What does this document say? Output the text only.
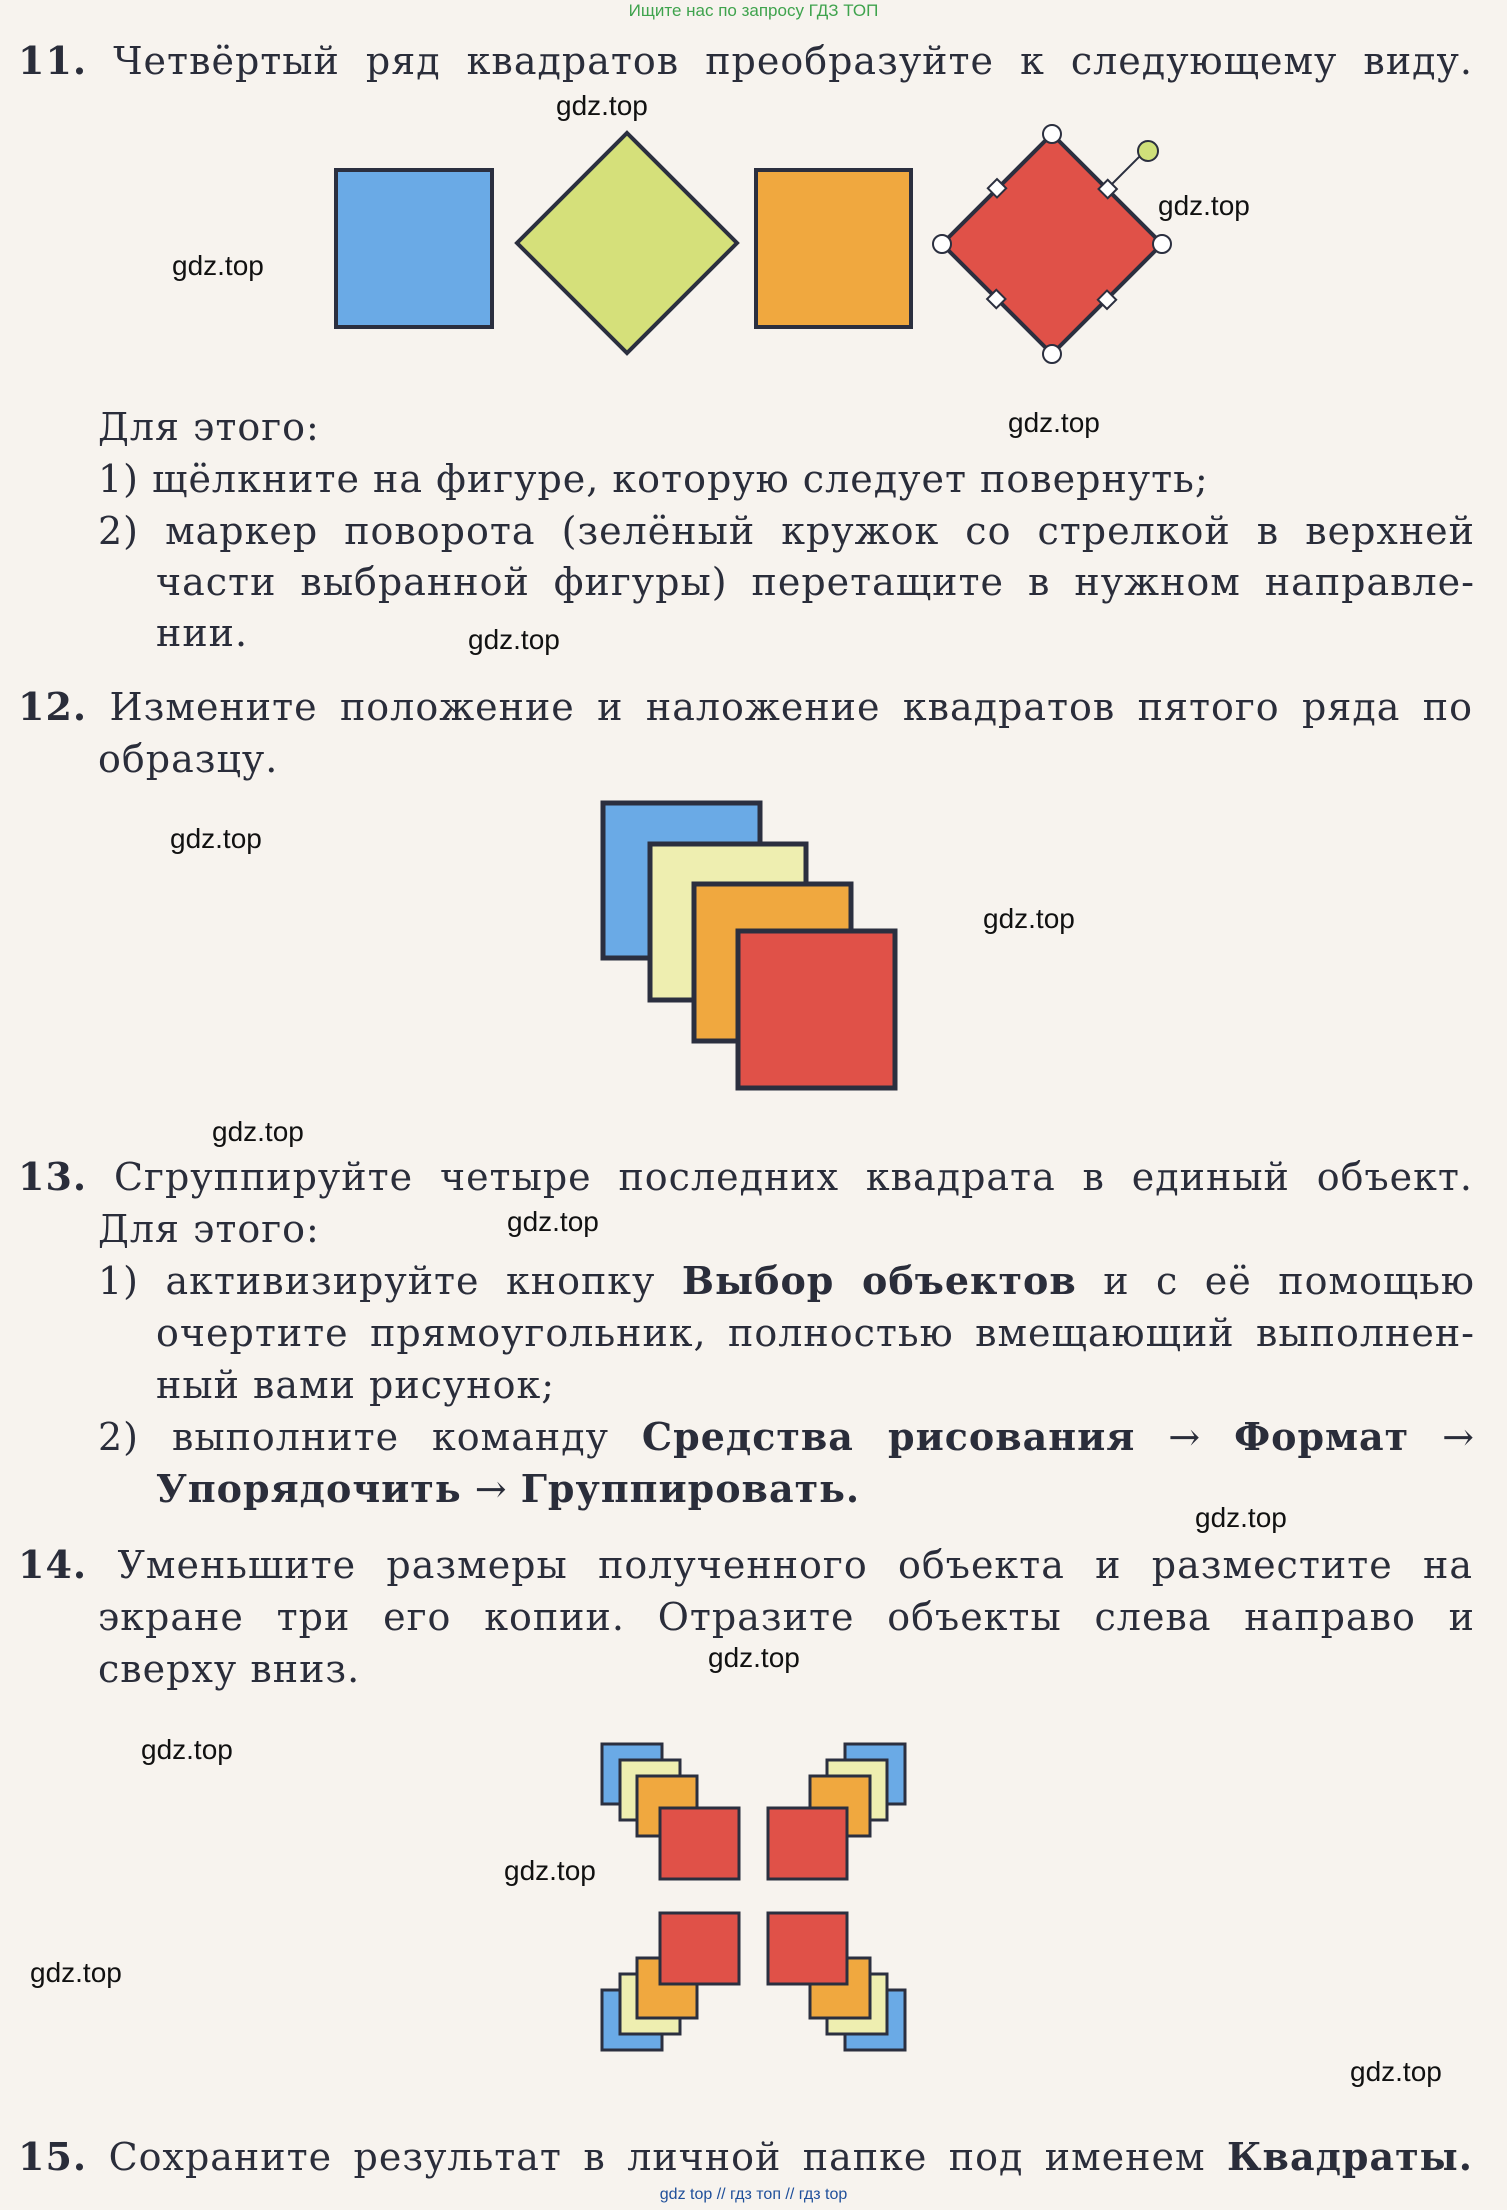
Ищите нас по запросу ГДЗ ТОП
gdz.top
gdz.top
gdz.top
gdz.top
gdz.top
gdz.top
gdz.top
gdz.top
gdz.top
gdz.top
gdz.top
gdz.top
gdz.top
gdz.top
gdz.top
11. Четвёртый ряд квадратов преобразуйте к следующему виду.
Для этого:
1) щёлкните на фигуре, которую следует повернуть;
2) маркер поворота (зелёный кружок со стрелкой в верхней
части выбранной фигуры) перетащите в нужном направле-
нии.
12. Измените положение и наложение квадратов пятого ряда по
образцу.
13. Сгруппируйте четыре последних квадрата в единый объект.
Для этого:
1) активизируйте кнопку Выбор объектов и с её помощью
очертите прямоугольник, полностью вмещающий выполнен-
ный вами рисунок;
2) выполните команду Средства рисования → Формат →
Упорядочить → Группировать.
14. Уменьшите размеры полученного объекта и разместите на
экране три его копии. Отразите объекты слева направо и
сверху вниз.
15. Сохраните результат в личной папке под именем Квадраты.
gdz top // гдз топ // гдз top
